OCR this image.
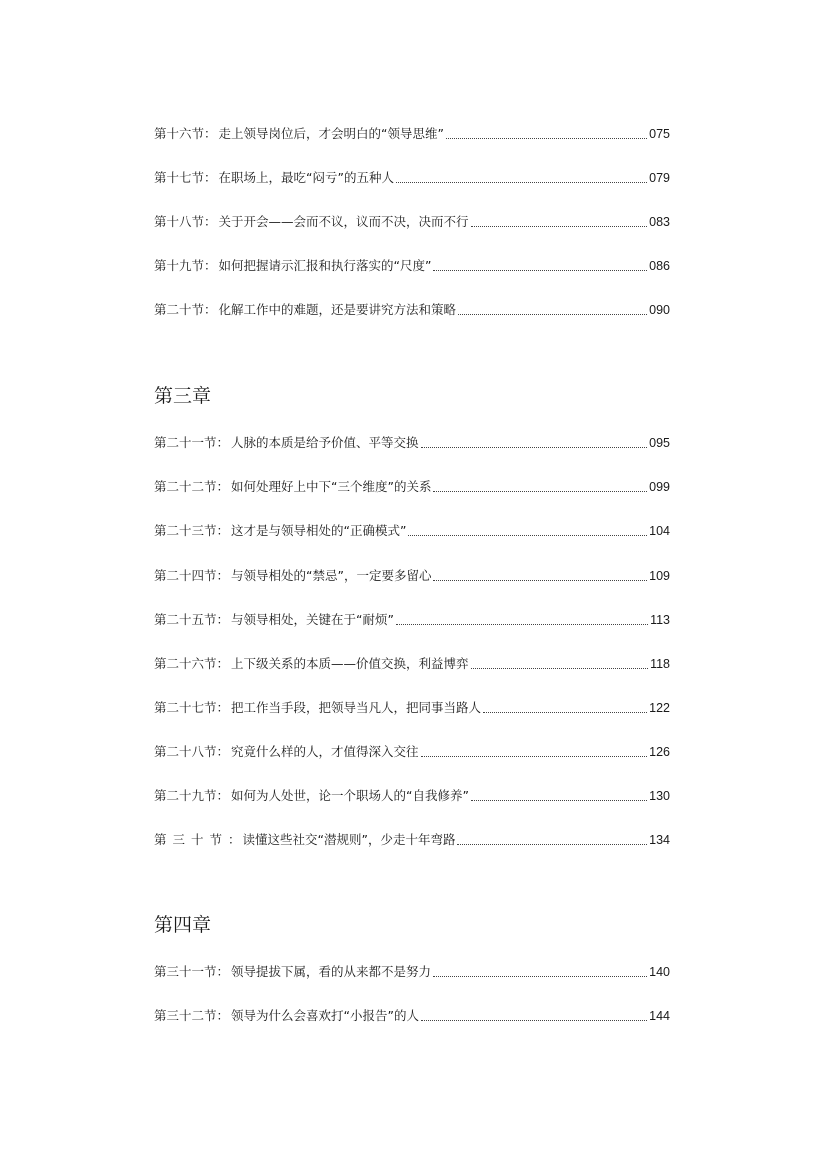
第十六节 ： 走上领导岗位后，才会明白的“领导思维”	075
第十七节 ： 在职场上，最吃“闷亏”的五种人	079
第十八节 ： 关于开会——会而不议，议而不决，决而不行	083
第十九节 ： 如何把握请示汇报和执行落实的“尺度”	086
第二十节 ： 化解工作中的难题，还是要讲究方法和策略	090
第三章
第二十一节 ： 人脉的本质是给予价值、平等交换	095
第二十二节 ： 如何处理好上中下“三个维度”的关系	099
第二十三节 ： 这才是与领导相处的“正确模式”	104
第二十四节 ： 与领导相处的“禁忌”，一定要多留心	109
第二十五节 ： 与领导相处，关键在于“耐烦”	113
第二十六节 ： 上下级关系的本质——价值交换，利益博弈	118
第二十七节 ： 把工作当手段，把领导当凡人，把同事当路人	122
第二十八节 ： 究竟什么样的人，才值得深入交往	126
第二十九节 ： 如何为人处世，论一个职场人的“自我修养”	130
第三十节 ： 读懂这些社交“潜规则”，少走十年弯路	134
第四章
第三十一节 ： 领导提拔下属，看的从来都不是努力	140
第三十二节 ： 领导为什么会喜欢打“小报告”的人	144
